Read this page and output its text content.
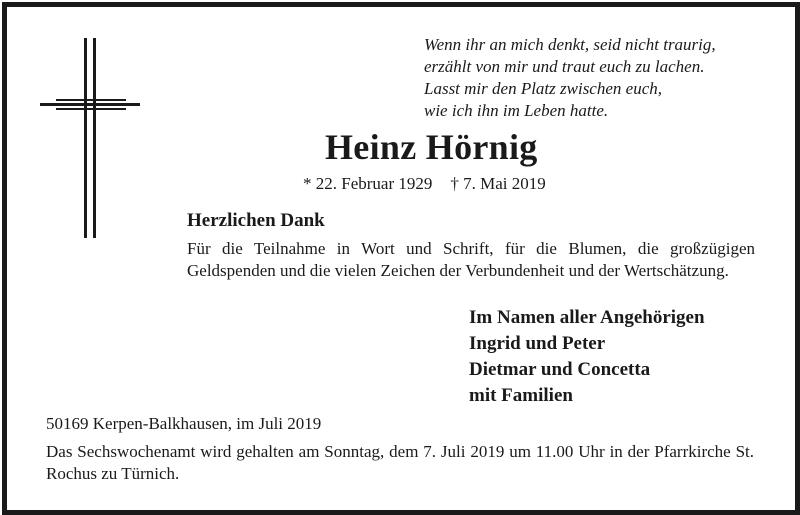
Wenn ihr an mich denkt, seid nicht traurig,
erzählt von mir und traut euch zu lachen.
Lasst mir den Platz zwischen euch,
wie ich ihn im Leben hatte.
Heinz Hörnig
* 22. Februar 1929 † 7. Mai 2019
Herzlichen Dank
Für die Teilnahme in Wort und Schrift, für die Blumen, die großzügigen Geldspenden und die vielen Zeichen der Verbundenheit und der Wertschätzung.
Im Namen aller Angehörigen
Ingrid und Peter
Dietmar und Concetta
mit Familien
50169 Kerpen-Balkhausen, im Juli 2019
Das Sechswochenamt wird gehalten am Sonntag, dem 7. Juli 2019 um 11.00 Uhr in der Pfarrkirche St. Rochus zu Türnich.
